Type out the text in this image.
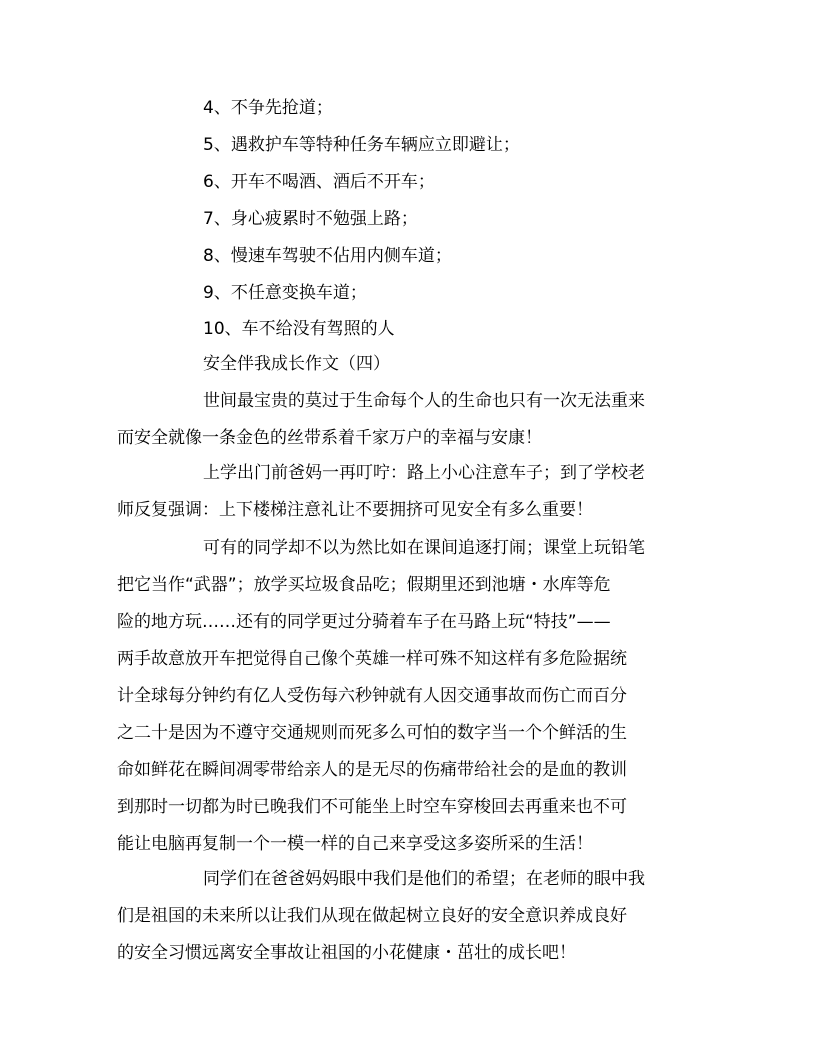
4、不争先抢道；
5、遇救护车等特种任务车辆应立即避让；
6、开车不喝酒、酒后不开车；
7、身心疲累时不勉强上路；
8、慢速车驾驶不佔用内侧车道；
9、不任意变换车道；
10、车不给没有驾照的人
安全伴我成长作文（四）
世间最宝贵的莫过于生命每个人的生命也只有一次无法重来
而安全就像一条金色的丝带系着千家万户的幸福与安康！
上学出门前爸妈一再叮咛：路上小心注意车子；到了学校老
师反复强调：上下楼梯注意礼让不要拥挤可见安全有多么重要！
可有的同学却不以为然比如在课间追逐打闹；课堂上玩铅笔
把它当作“武器”；放学买垃圾食品吃；假期里还到池塘・水库等危
险的地方玩……还有的同学更过分骑着车子在马路上玩“特技”——
两手故意放开车把觉得自己像个英雄一样可殊不知这样有多危险据统
计全球每分钟约有亿人受伤每六秒钟就有人因交通事故而伤亡而百分
之二十是因为不遵守交通规则而死多么可怕的数字当一个个鲜活的生
命如鲜花在瞬间凋零带给亲人的是无尽的伤痛带给社会的是血的教训
到那时一切都为时已晚我们不可能坐上时空车穿梭回去再重来也不可
能让电脑再复制一个一模一样的自己来享受这多姿所采的生活！
同学们在爸爸妈妈眼中我们是他们的希望；在老师的眼中我
们是祖国的未来所以让我们从现在做起树立良好的安全意识养成良好
的安全习惯远离安全事故让祖国的小花健康・茁壮的成长吧！
